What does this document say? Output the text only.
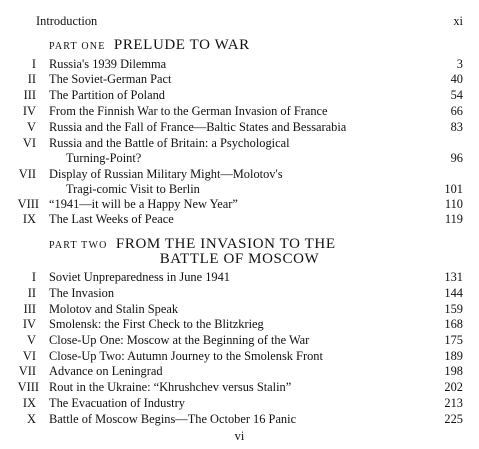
Introduction	xi
PART ONE PRELUDE TO WAR
I Russia's 1939 Dilemma	3
II The Soviet-German Pact	40
III The Partition of Poland	54
IV From the Finnish War to the German Invasion of France	66
V Russia and the Fall of France—Baltic States and Bessarabia	83
VI Russia and the Battle of Britain: a Psychological
Turning-Point?	96
VII Display of Russian Military Might—Molotov's
Tragi-comic Visit to Berlin	101
VIII “1941—it will be a Happy New Year”	110
IX The Last Weeks of Peace	119
PART TWO FROM THE INVASION TO THE
BATTLE OF MOSCOW
I Soviet Unpreparedness in June 1941	131
II The Invasion	144
III Molotov and Stalin Speak	159
IV Smolensk: the First Check to the Blitzkrieg	168
V Close-Up One: Moscow at the Beginning of the War	175
VI Close-Up Two: Autumn Journey to the Smolensk Front	189
VII Advance on Leningrad	198
VIII Rout in the Ukraine: “Khrushchev versus Stalin”	202
IX The Evacuation of Industry	213
X Battle of Moscow Begins—The October 16 Panic	225
vi
